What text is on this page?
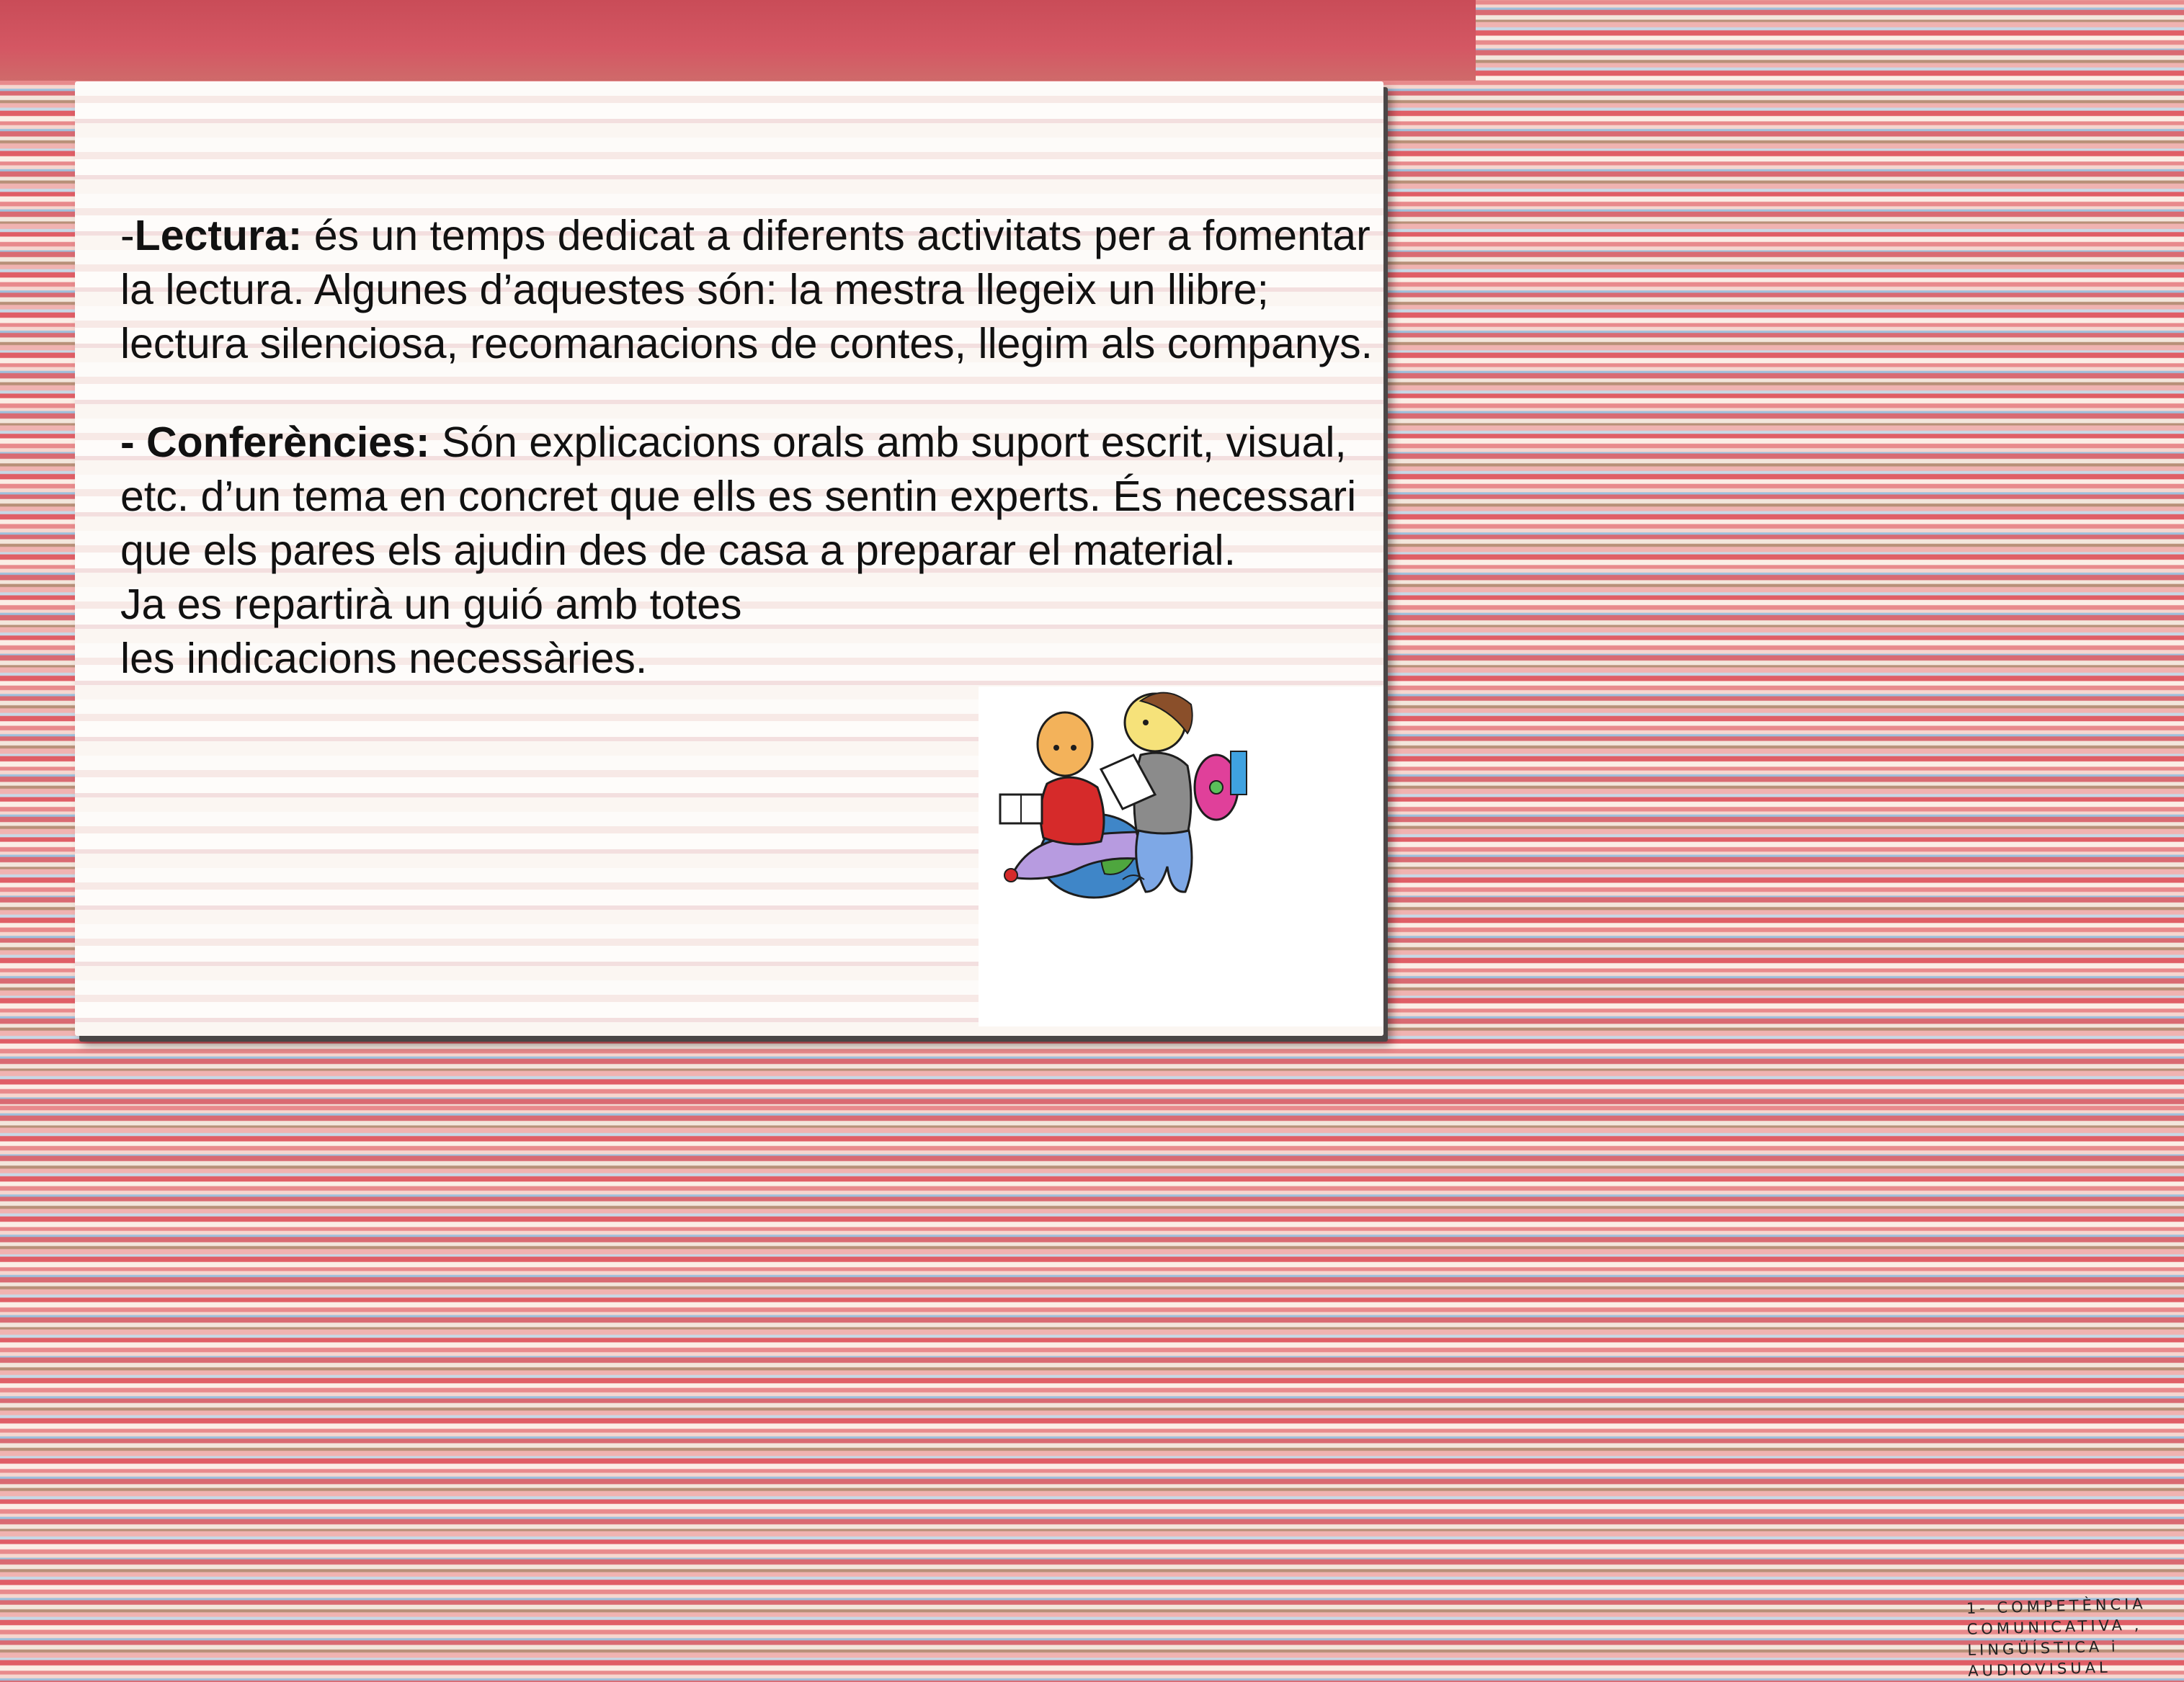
-Lectura: és un temps dedicat a diferents activitats per a fomentar la lectura. Algunes d’aquestes són: la mestra llegeix un llibre; lectura silenciosa, recomanacions de contes, llegim als companys.

- Conferències: Són explicacions orals amb suport escrit, visual, etc. d’un tema en concret que ells es sentin experts. És necessari que els pares els ajudin des de casa a preparar el material.
Ja es repartirà un guió amb totes
les indicacions necessàries.

1- COMPETÈNCIA
COMUNICATIVA ,
LINGÜÍSTICA i
AUDIOVISUAL
